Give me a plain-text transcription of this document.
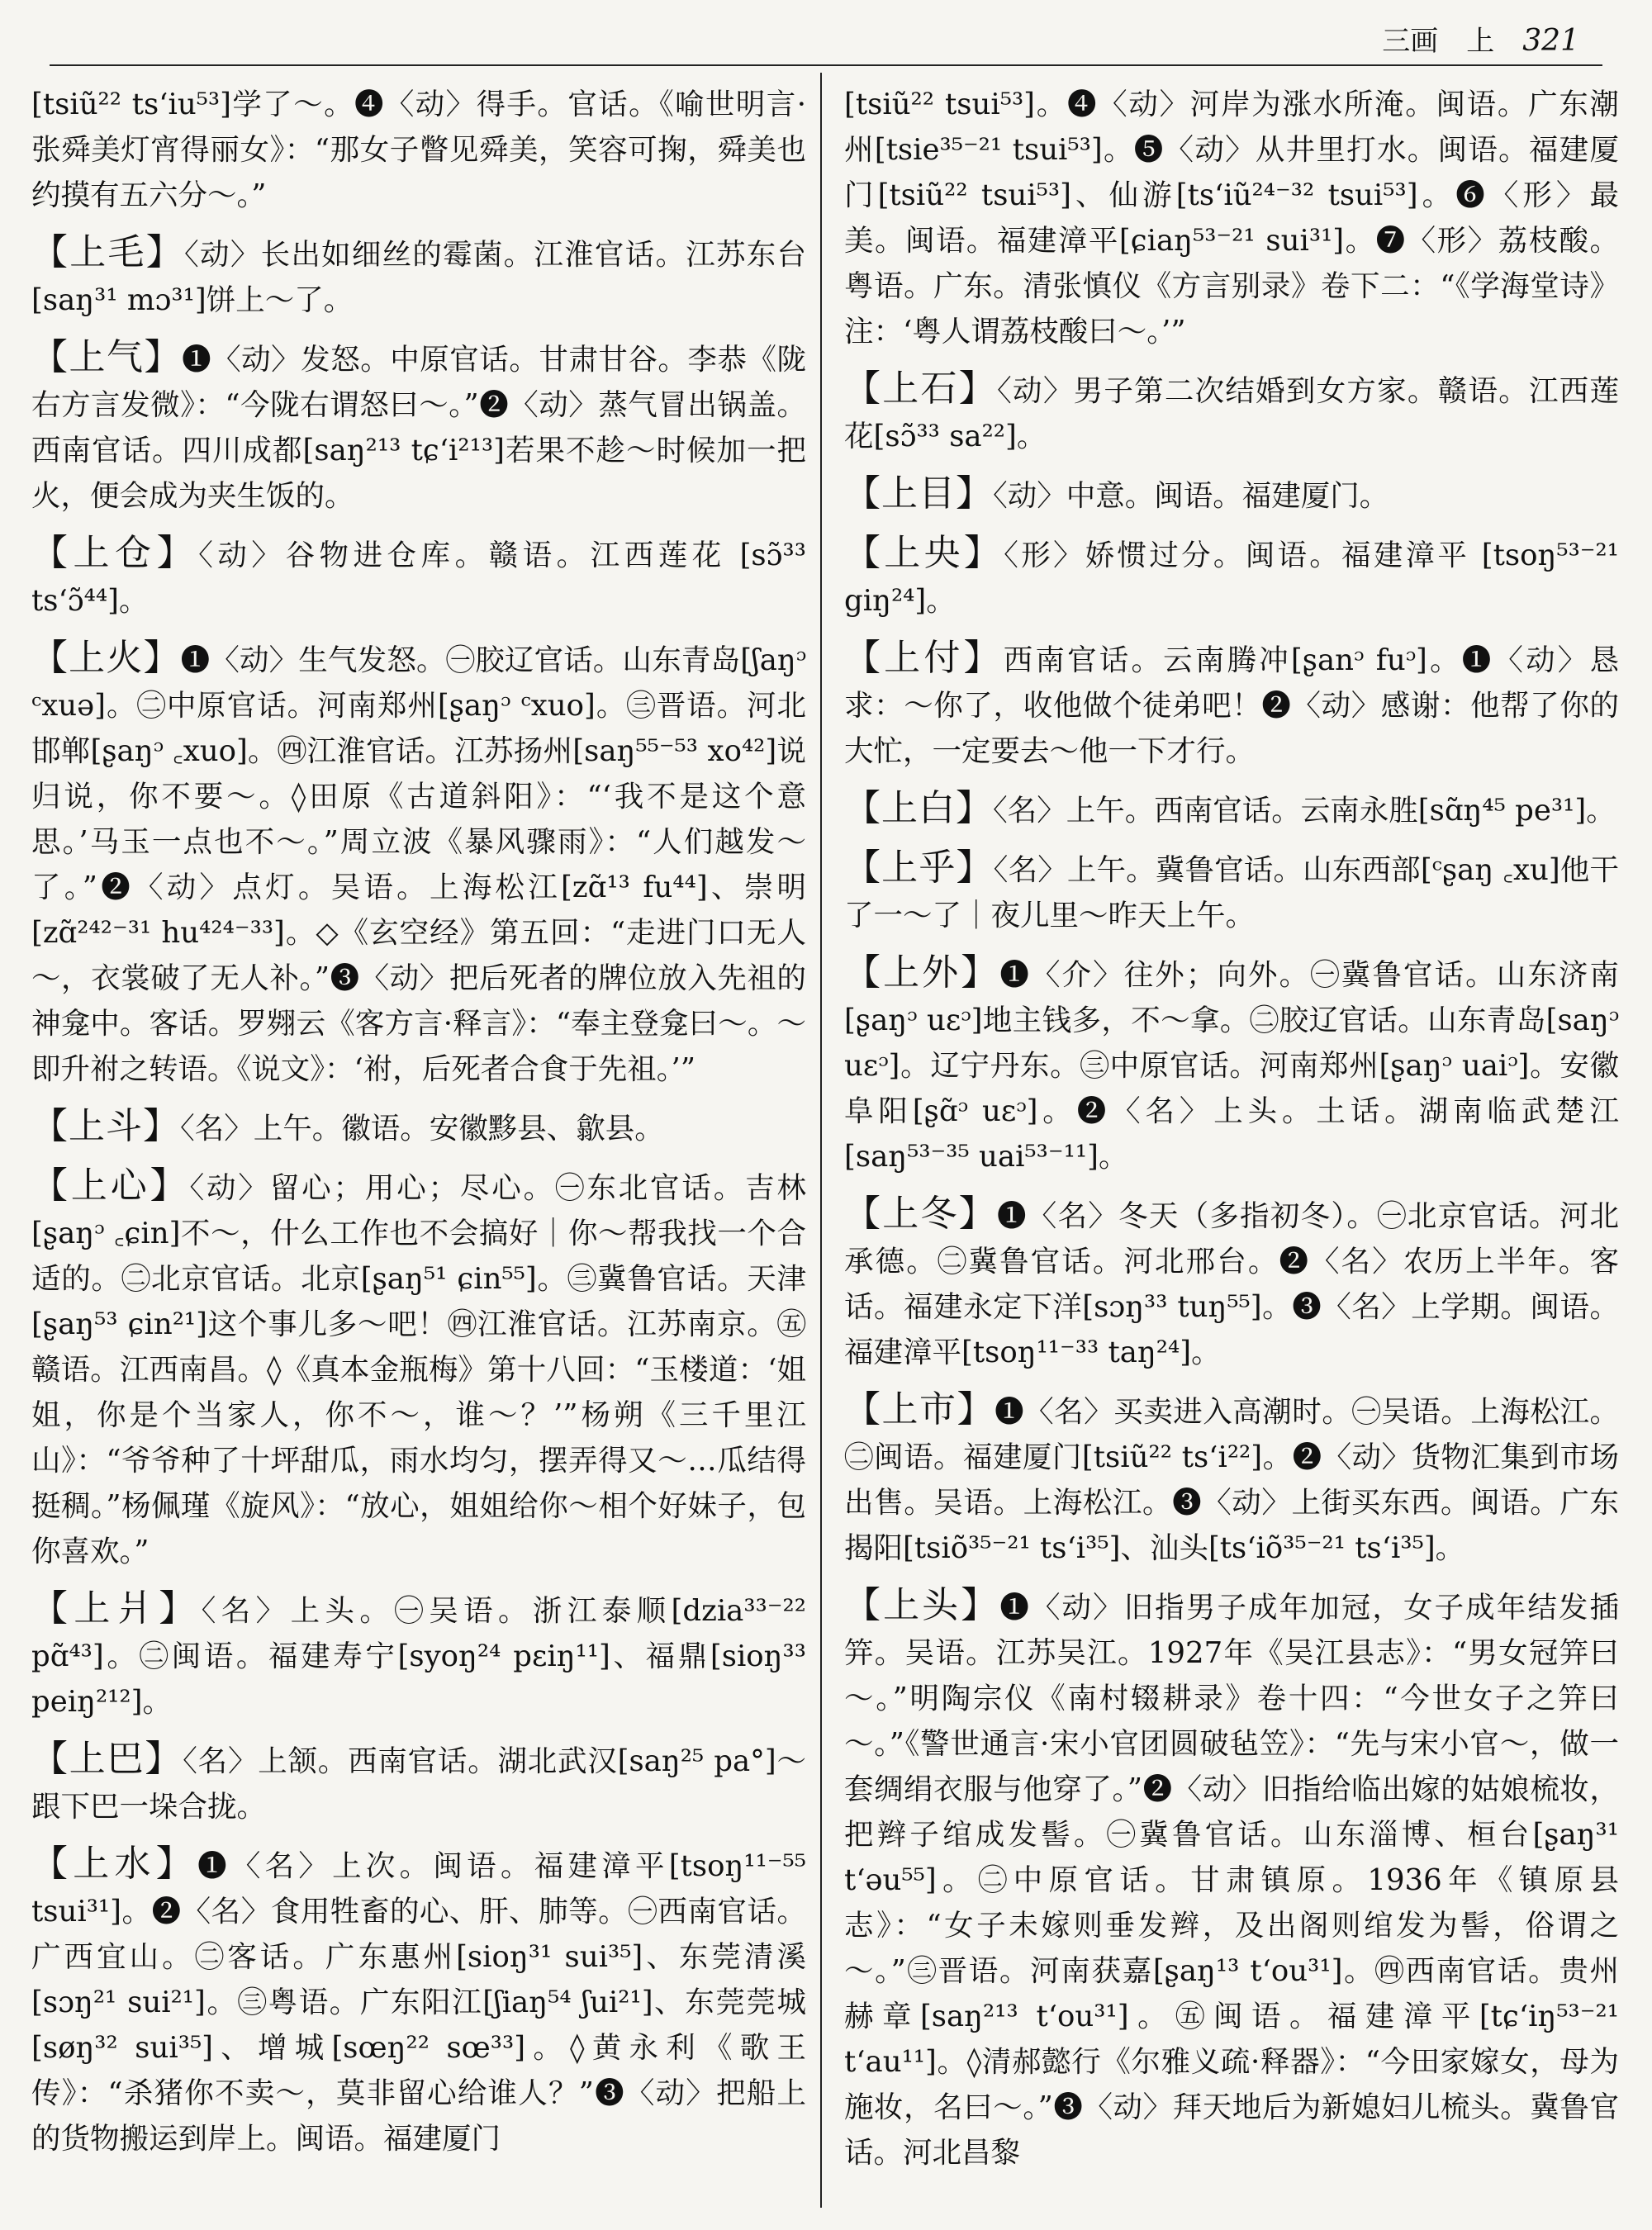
三画 上 321

[tsiũ²² ts‘iu⁵³]学了～。❹〈动〉得手。官话。《喻世明言·张舜美灯宵得丽女》：“那女子瞥见舜美，笑容可掬，舜美也约摸有五六分～。”

【上毛】〈动〉长出如细丝的霉菌。江淮官话。江苏东台[saŋ³¹ mɔ³¹]饼上～了。

【上气】❶〈动〉发怒。中原官话。甘肃甘谷。李恭《陇右方言发微》：“今陇右谓怒曰～。”❷〈动〉蒸气冒出锅盖。西南官话。四川成都[saŋ²¹³ tɕ‘i²¹³]若果不趁～时候加一把火，便会成为夹生饭的。

【上仓】〈动〉谷物进仓库。赣语。江西莲花 [sɔ̃³³ ts‘ɔ̃⁴⁴]。

【上火】❶〈动〉生气发怒。㊀胶辽官话。山东青岛[ʃaŋᵓ ᶜxuə]。㊁中原官话。河南郑州[ʂaŋᵓ ᶜxuo]。㊂晋语。河北邯郸[ʂaŋᵓ ꜀xuo]。㊃江淮官话。江苏扬州[saŋ⁵⁵⁻⁵³ xo⁴²]说归说，你不要～。◊田原《古道斜阳》：“‘我不是这个意思。’马玉一点也不～。”周立波《暴风骤雨》：“人们越发～了。”❷〈动〉点灯。吴语。上海松江[zɑ̃¹³ fu⁴⁴]、崇明[zɑ̃²⁴²⁻³¹ hu⁴²⁴⁻³³]。◇《玄空经》第五回：“走进门口无人～，衣裳破了无人补。”❸〈动〉把后死者的牌位放入先祖的神龛中。客话。罗翙云《客方言·释言》：“奉主登龛曰～。～即升祔之转语。《说文》：‘祔，后死者合食于先祖。’”

【上斗】〈名〉上午。徽语。安徽黟县、歙县。

【上心】〈动〉留心；用心；尽心。㊀东北官话。吉林[ʂaŋᵓ ꜀ɕin]不～，什么工作也不会搞好｜你～帮我找一个合适的。㊁北京官话。北京[ʂaŋ⁵¹ ɕin⁵⁵]。㊂冀鲁官话。天津[ʂaŋ⁵³ ɕin²¹]这个事儿多～吧！㊃江淮官话。江苏南京。㊄赣语。江西南昌。◊《真本金瓶梅》第十八回：“玉楼道：‘姐姐，你是个当家人，你不～，谁～？’”杨朔《三千里江山》：“爷爷种了十坪甜瓜，雨水均匀，摆弄得又～…瓜结得挺稠。”杨佩瑾《旋风》：“放心，姐姐给你～相个好妹子，包你喜欢。”

【上爿】〈名〉上头。㊀吴语。浙江泰顺[dzia³³⁻²² pɑ̃⁴³]。㊁闽语。福建寿宁[syoŋ²⁴ pɛiŋ¹¹]、福鼎[sioŋ³³ peiŋ²¹²]。

【上巴】〈名〉上颔。西南官话。湖北武汉[saŋ²⁵ pa°]～跟下巴一垛合拢。

【上水】❶〈名〉上次。闽语。福建漳平[tsoŋ¹¹⁻⁵⁵ tsui³¹]。❷〈名〉食用牲畜的心、肝、肺等。㊀西南官话。广西宜山。㊁客话。广东惠州[sioŋ³¹ sui³⁵]、东莞清溪[sɔŋ²¹ sui²¹]。㊂粤语。广东阳江[ʃiaŋ⁵⁴ ʃui²¹]、东莞莞城[søŋ³² sui³⁵]、增城[sœŋ²² sœ³³]。◊黄永利《歌王传》：“杀猪你不卖～，莫非留心给谁人？”❸〈动〉把船上的货物搬运到岸上。闽语。福建厦门

[tsiũ²² tsui⁵³]。❹〈动〉河岸为涨水所淹。闽语。广东潮州[tsie³⁵⁻²¹ tsui⁵³]。❺〈动〉从井里打水。闽语。福建厦门[tsiũ²² tsui⁵³]、仙游[ts‘iũ²⁴⁻³² tsui⁵³]。❻〈形〉最美。闽语。福建漳平[ɕiaŋ⁵³⁻²¹ sui³¹]。❼〈形〉荔枝酸。粤语。广东。清张慎仪《方言别录》卷下二：“《学海堂诗》注：‘粤人谓荔枝酸曰～。’”

【上石】〈动〉男子第二次结婚到女方家。赣语。江西莲花[sɔ̃³³ sa²²]。

【上目】〈动〉中意。闽语。福建厦门。

【上央】〈形〉娇惯过分。闽语。福建漳平 [tsoŋ⁵³⁻²¹ giŋ²⁴]。

【上付】西南官话。云南腾冲[ʂanᵓ fuᵓ]。❶〈动〉恳求：～你了，收他做个徒弟吧！❷〈动〉感谢：他帮了你的大忙，一定要去～他一下才行。

【上白】〈名〉上午。西南官话。云南永胜[sɑ̃ŋ⁴⁵ pe³¹]。

【上乎】〈名〉上午。冀鲁官话。山东西部[ᶜʂaŋ ꜀xu]他干了一～了｜夜儿里～昨天上午。

【上外】❶〈介〉往外；向外。㊀冀鲁官话。山东济南[ʂaŋᵓ uɛᵓ]地主钱多，不～拿。㊁胶辽官话。山东青岛[saŋᵓ uɛᵓ]。辽宁丹东。㊂中原官话。河南郑州[ʂaŋᵓ uaiᵓ]。安徽阜阳[ʂɑ̃ᵓ uɛᵓ]。❷〈名〉上头。土话。湖南临武楚江[saŋ⁵³⁻³⁵ uai⁵³⁻¹¹]。

【上冬】❶〈名〉冬天（多指初冬）。㊀北京官话。河北承德。㊁冀鲁官话。河北邢台。❷〈名〉农历上半年。客话。福建永定下洋[sɔŋ³³ tuŋ⁵⁵]。❸〈名〉上学期。闽语。福建漳平[tsoŋ¹¹⁻³³ taŋ²⁴]。

【上市】❶〈名〉买卖进入高潮时。㊀吴语。上海松江。㊁闽语。福建厦门[tsiũ²² ts‘i²²]。❷〈动〉货物汇集到市场出售。吴语。上海松江。❸〈动〉上街买东西。闽语。广东揭阳[tsiõ³⁵⁻²¹ ts‘i³⁵]、汕头[ts‘iõ³⁵⁻²¹ ts‘i³⁵]。

【上头】❶〈动〉旧指男子成年加冠，女子成年结发插笄。吴语。江苏吴江。1927年《吴江县志》：“男女冠笄曰～。”明陶宗仪《南村辍耕录》卷十四：“今世女子之笄曰～。”《警世通言·宋小官团圆破毡笠》：“先与宋小官～，做一套绸绢衣服与他穿了。”❷〈动〉旧指给临出嫁的姑娘梳妆，把辫子绾成发髻。㊀冀鲁官话。山东淄博、桓台[ʂaŋ³¹ t‘əu⁵⁵]。㊁中原官话。甘肃镇原。1936年《镇原县志》：“女子未嫁则垂发辫，及出阁则绾发为髻，俗谓之～。”㊂晋语。河南获嘉[ʂaŋ¹³ t‘ou³¹]。㊃西南官话。贵州赫章[saŋ²¹³ t‘ou³¹]。㊄闽语。福建漳平[tɕ‘iŋ⁵³⁻²¹ t‘au¹¹]。◊清郝懿行《尔雅义疏·释器》：“今田家嫁女，母为施妆，名曰～。”❸〈动〉拜天地后为新媳妇儿梳头。冀鲁官话。河北昌黎
